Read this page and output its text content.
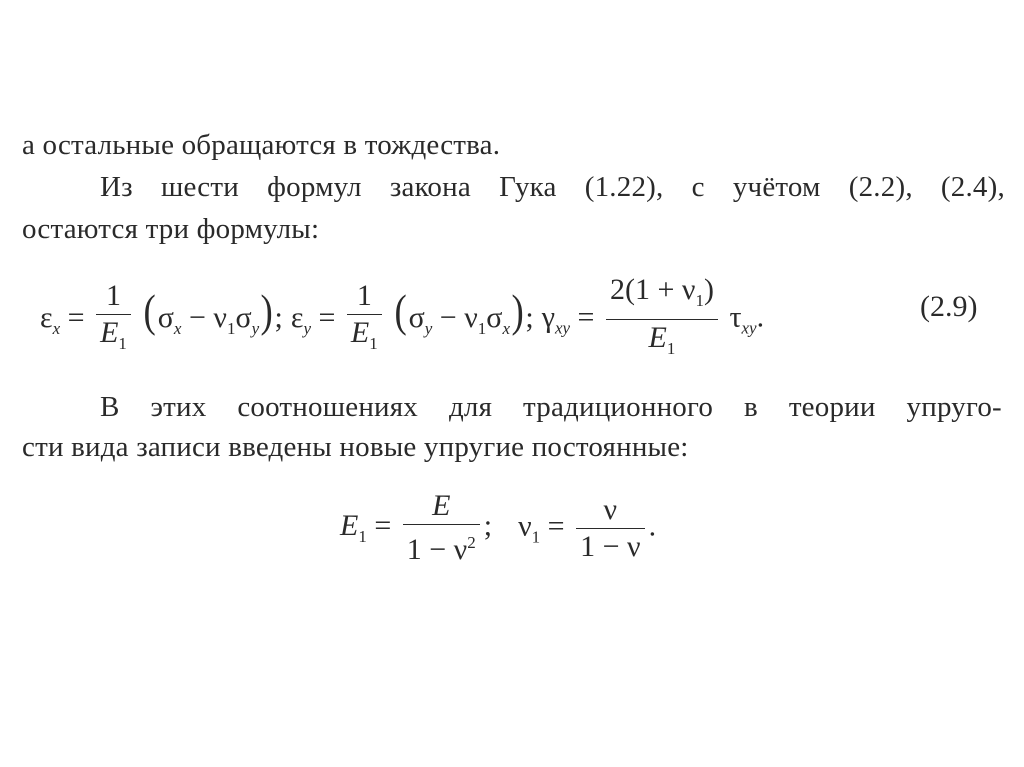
а остальные обращаются в тождества.
Из шести формул закона Гука (1.22), с учётом (2.2), (2.4),
остаются три формулы:
$\varepsilon_x = \frac{1}{E_1} (\sigma_x - \nu_1\sigma_y)$; $\varepsilon_y = \frac{1}{E_1} (\sigma_y - \nu_1\sigma_x)$; $\gamma_{xy} = \frac{2(1 + \nu_1)}{E_1} \tau_{xy}$.	(2.9)
В этих соотношениях для традиционного в теории упруго-
сти вида записи введены новые упругие постоянные:
$E_1 = \frac{E}{1 - \nu^2}$ ; $\nu_1 = \frac{\nu}{1 - \nu}$ .
